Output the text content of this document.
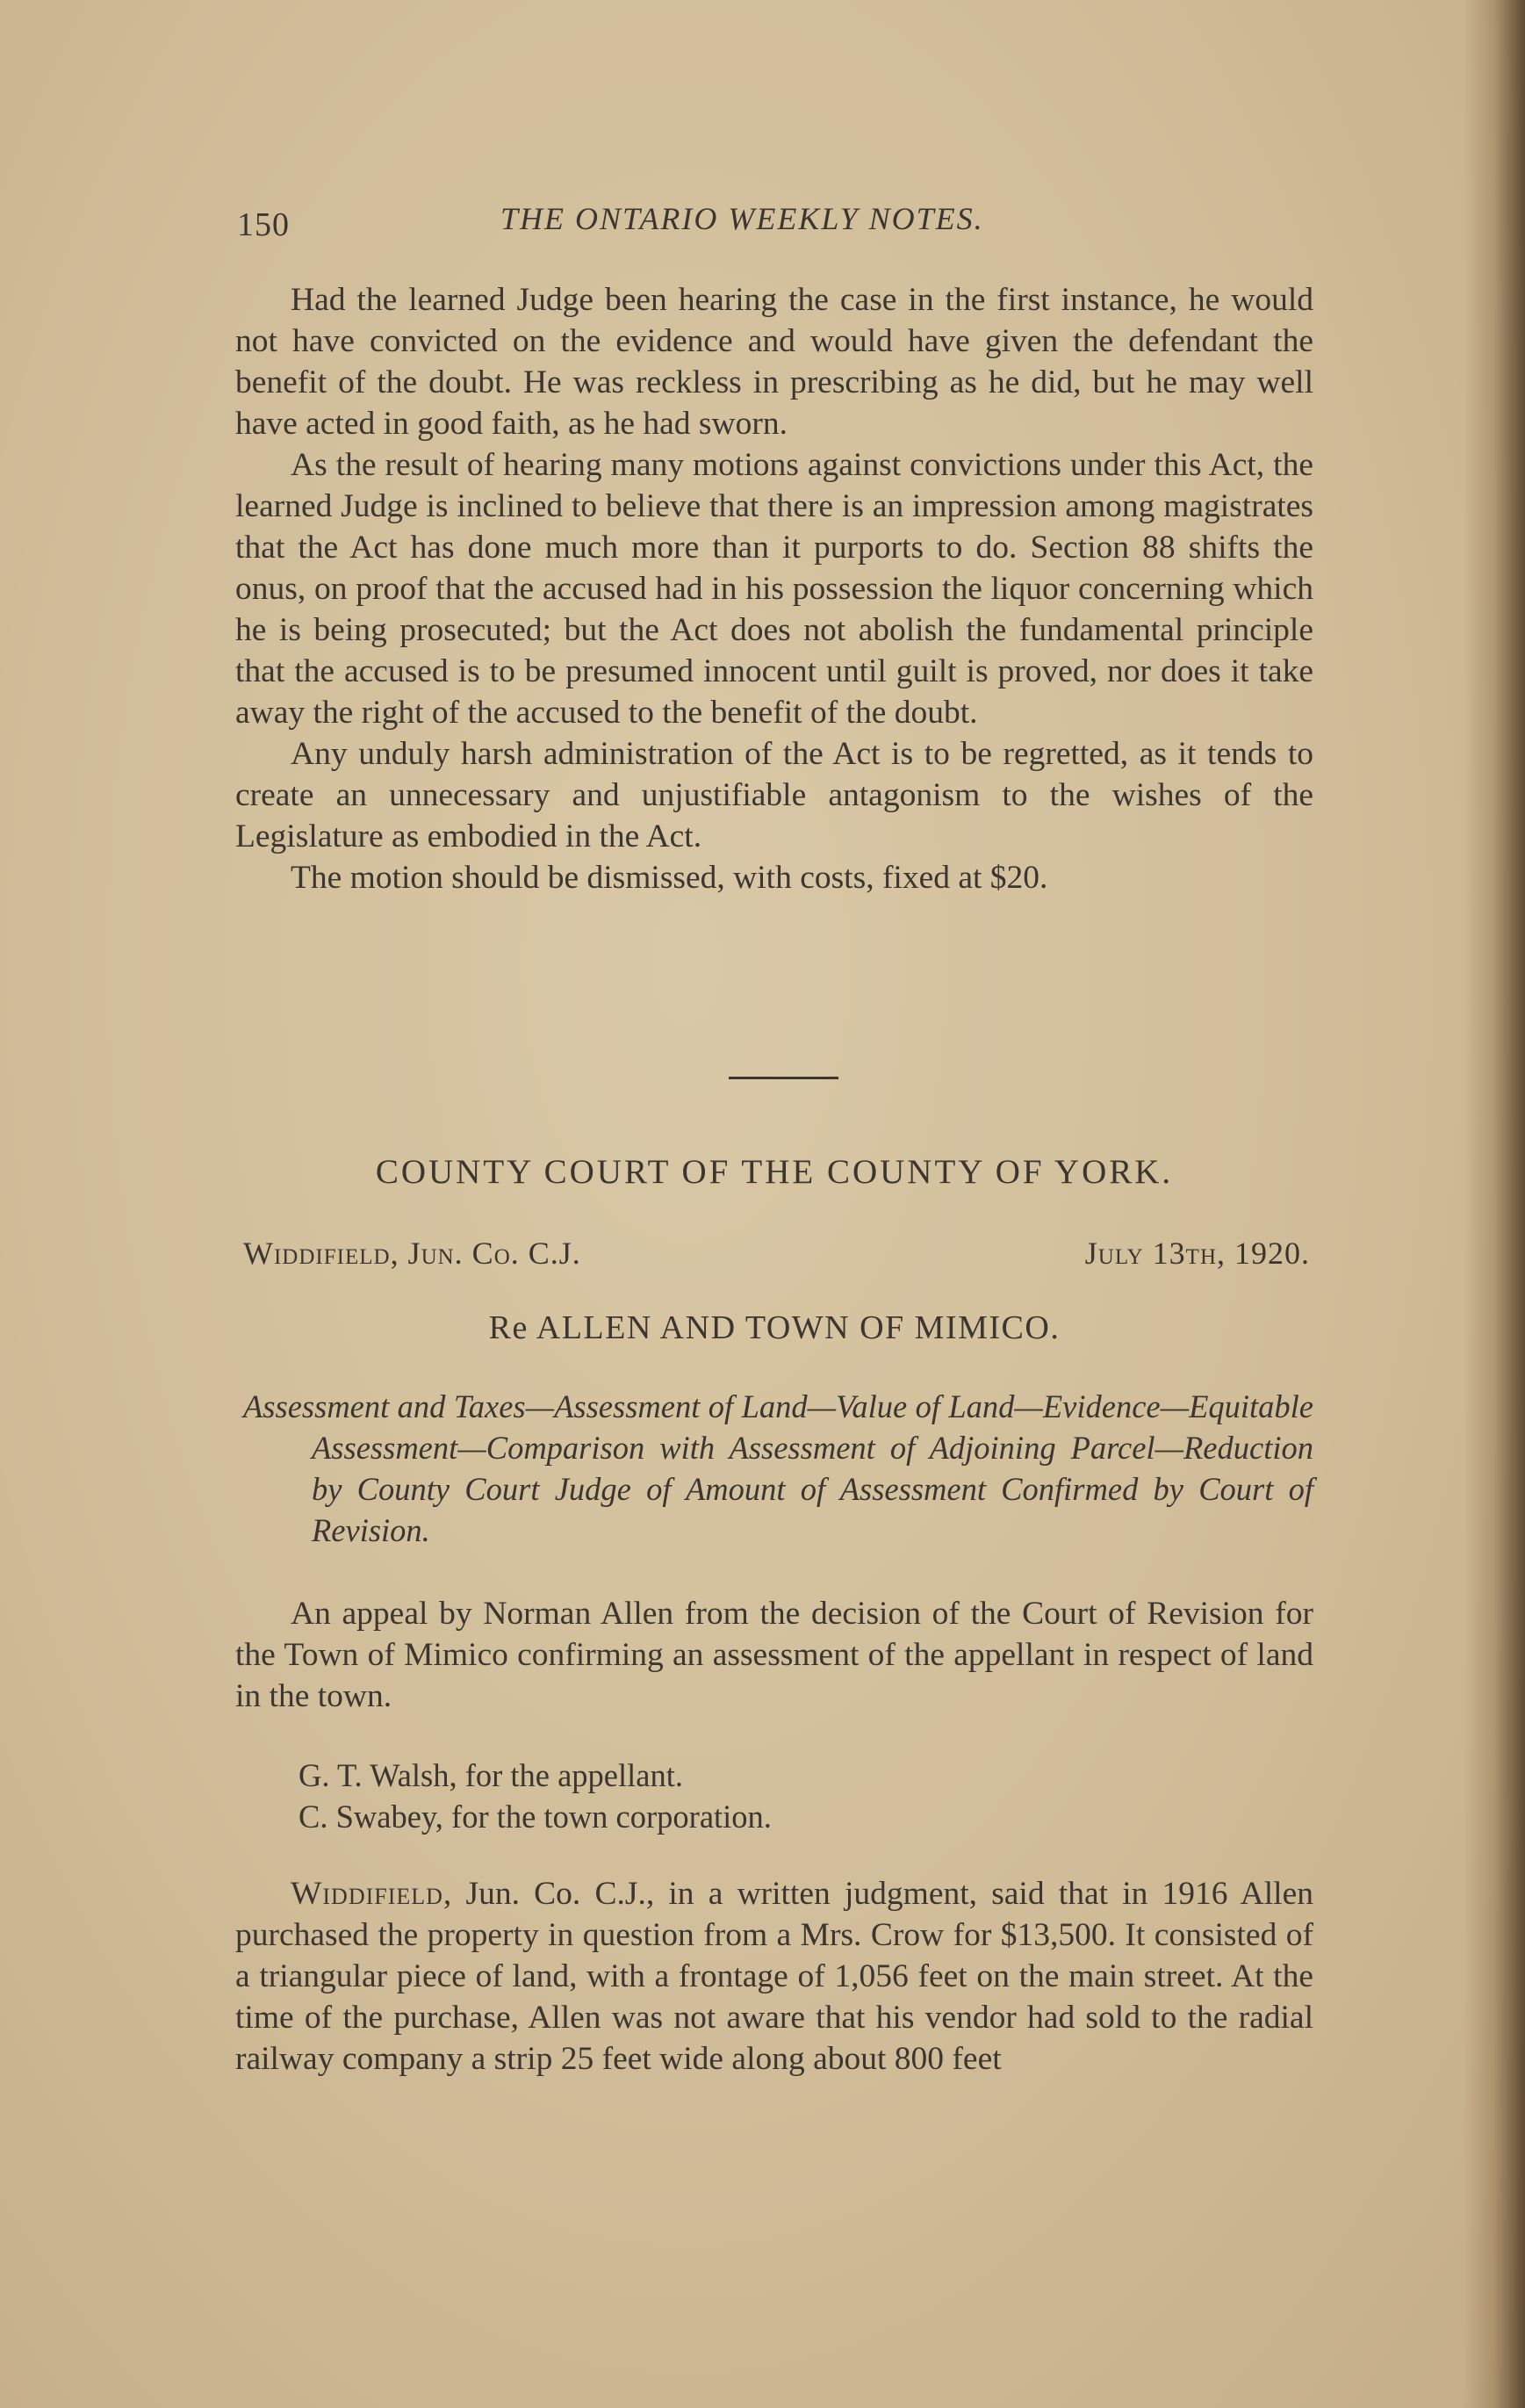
150	THE ONTARIO WEEKLY NOTES.

Had the learned Judge been hearing the case in the first instance, he would not have convicted on the evidence and would have given the defendant the benefit of the doubt. He was reckless in prescribing as he did, but he may well have acted in good faith, as he had sworn.

As the result of hearing many motions against convictions under this Act, the learned Judge is inclined to believe that there is an impression among magistrates that the Act has done much more than it purports to do. Section 88 shifts the onus, on proof that the accused had in his possession the liquor concerning which he is being prosecuted; but the Act does not abolish the fundamental principle that the accused is to be presumed innocent until guilt is proved, nor does it take away the right of the accused to the benefit of the doubt.

Any unduly harsh administration of the Act is to be regretted, as it tends to create an unnecessary and unjustifiable antagonism to the wishes of the Legislature as embodied in the Act.

The motion should be dismissed, with costs, fixed at $20.

COUNTY COURT OF THE COUNTY OF YORK.
Widdifield, Jun. Co. C.J.	July 13th, 1920.
Re ALLEN AND TOWN OF MIMICO.

Assessment and Taxes—Assessment of Land—Value of Land—Evidence—Equitable Assessment—Comparison with Assessment of Adjoining Parcel—Reduction by County Court Judge of Amount of Assessment Confirmed by Court of Revision.

An appeal by Norman Allen from the decision of the Court of Revision for the Town of Mimico confirming an assessment of the appellant in respect of land in the town.

G. T. Walsh, for the appellant.
C. Swabey, for the town corporation.

Widdifield, Jun. Co. C.J., in a written judgment, said that in 1916 Allen purchased the property in question from a Mrs. Crow for $13,500. It consisted of a triangular piece of land, with a frontage of 1,056 feet on the main street. At the time of the purchase, Allen was not aware that his vendor had sold to the radial railway company a strip 25 feet wide along about 800 feet
